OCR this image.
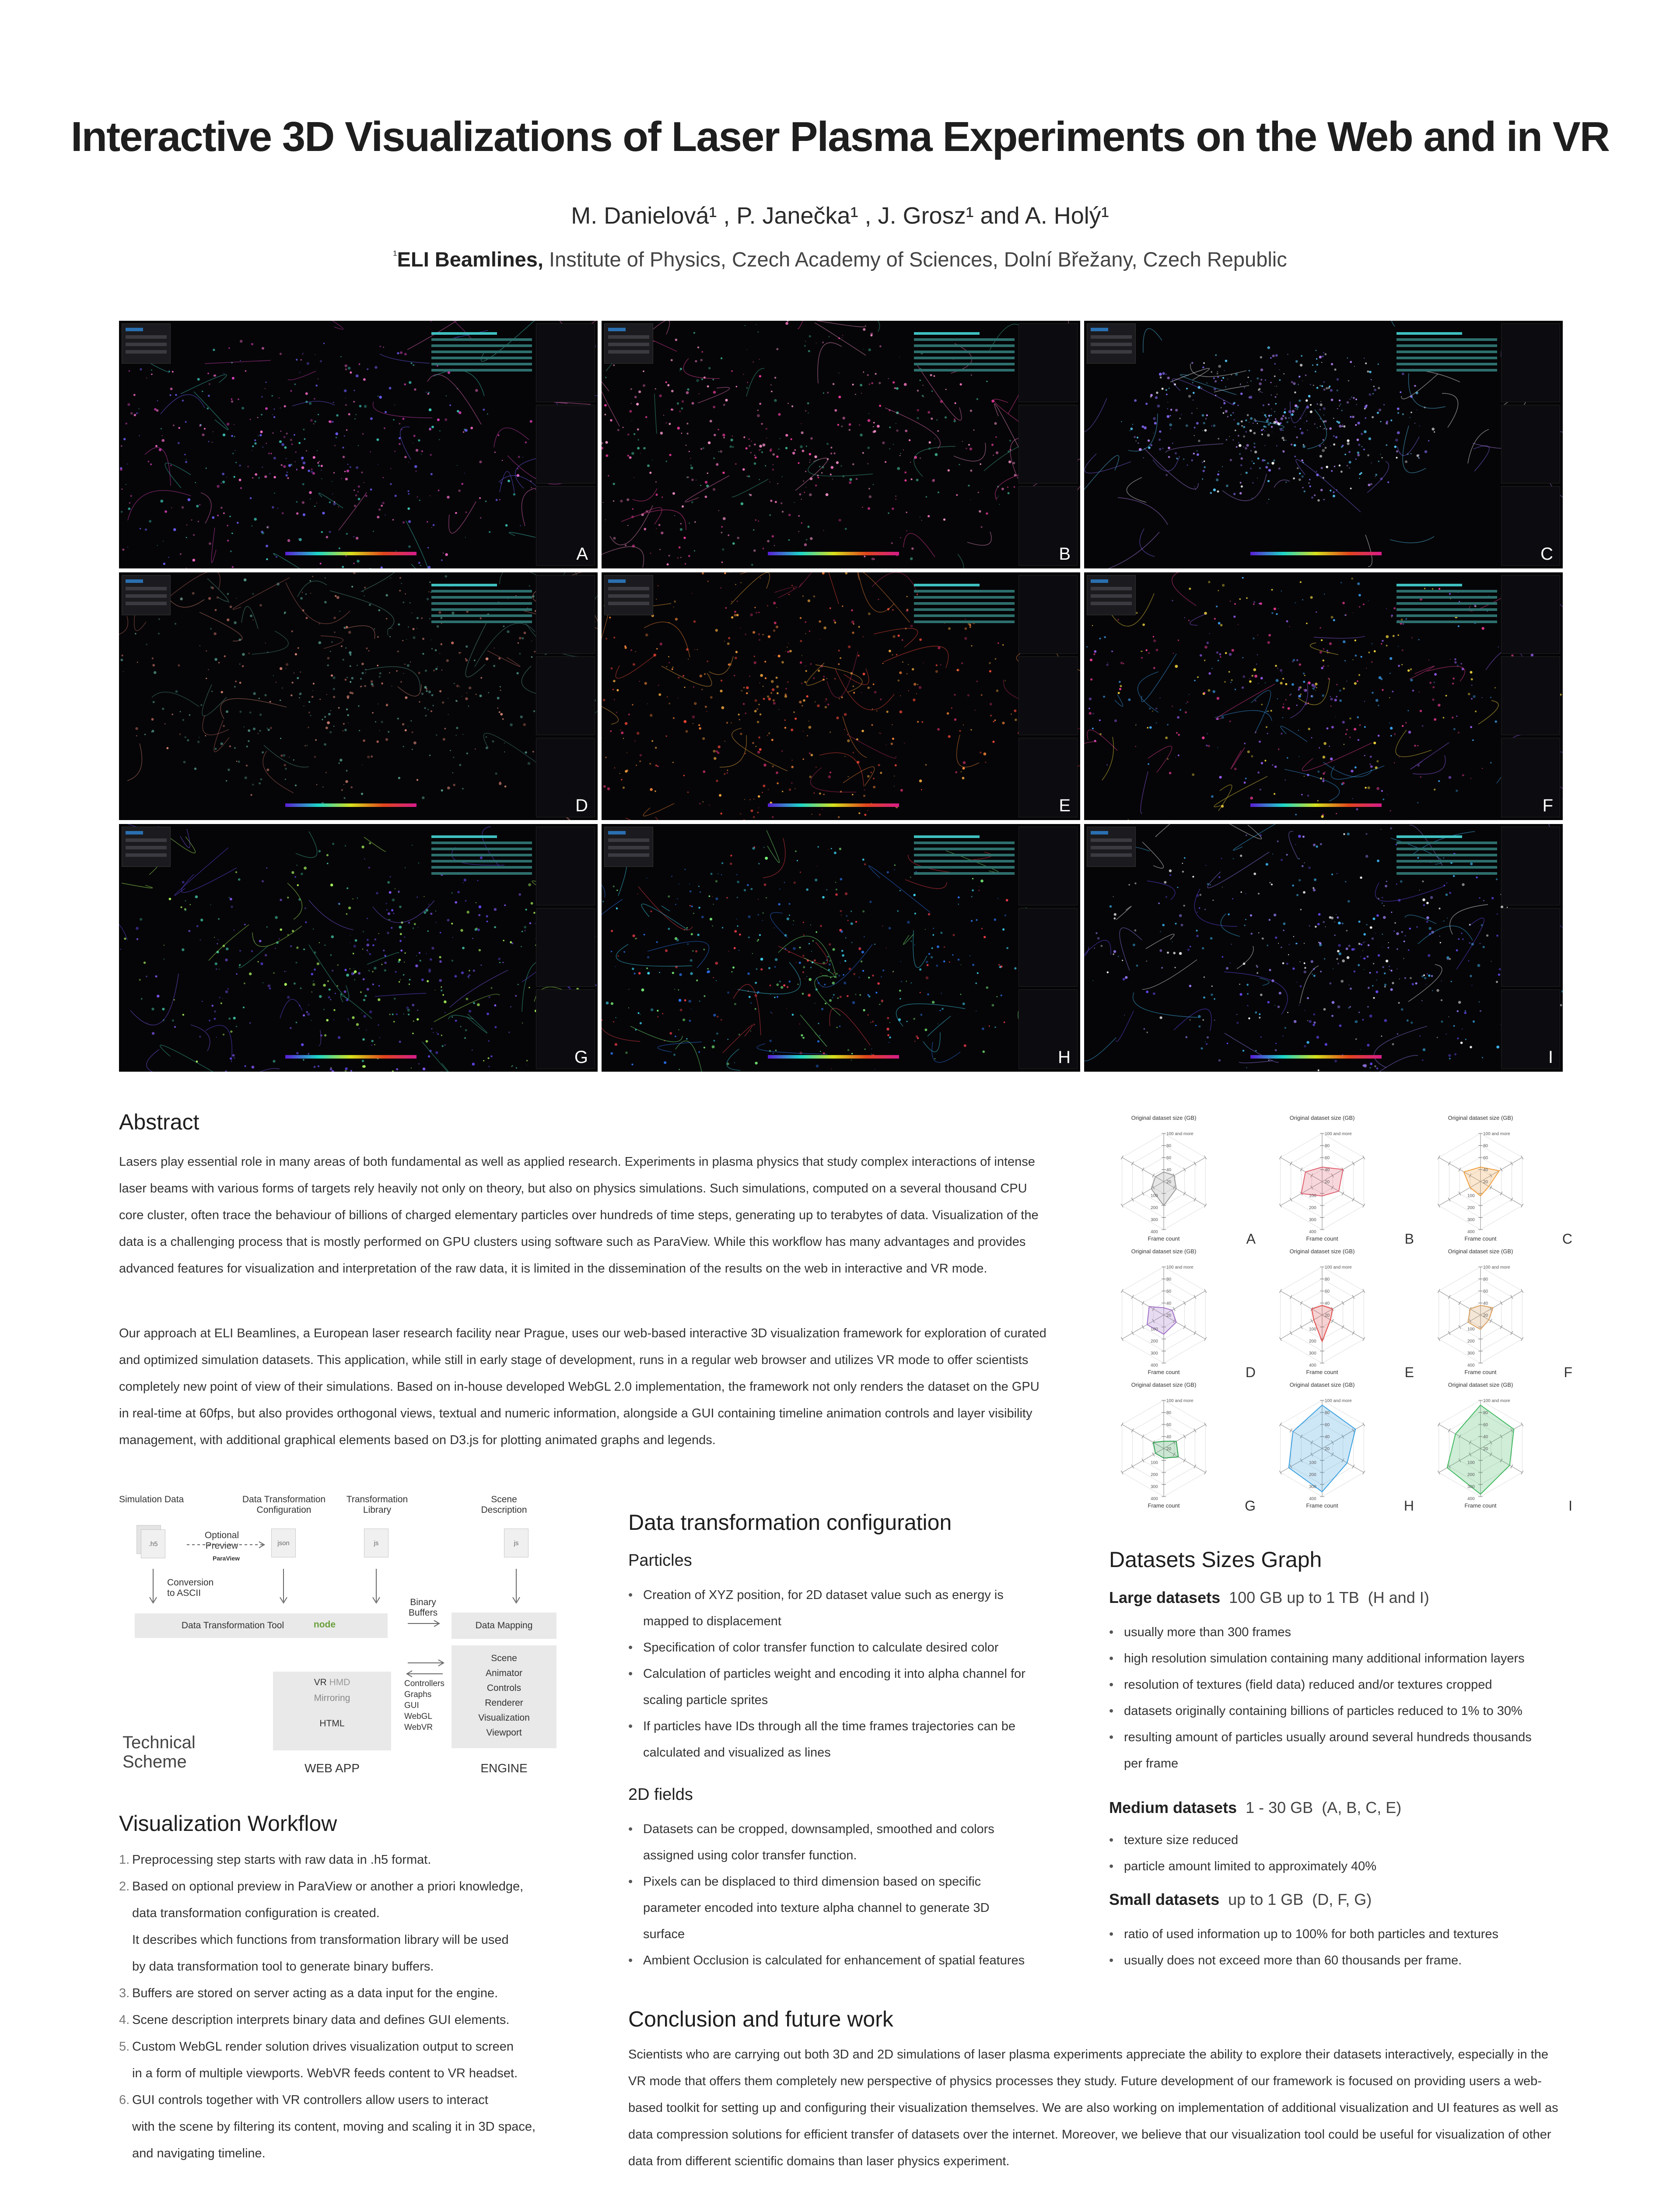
Interactive 3D Visualizations of Laser Plasma Experiments on the Web and in VR
M. Danielová¹ , P. Janečka¹ , J. Grosz¹ and A. Holý¹
$^{^1}$ELI Beamlines, Institute of Physics, Czech Academy of Sciences, Dolní Břežany, Czech Republic
A	B	C
D	E	F
G	H	I
Abstract
Lasers play essential role in many areas of both fundamental as well as applied research. Experiments in plasma physics that study complex interactions of intense laser beams with various forms of targets rely heavily not only on theory, but also on physics simulations. Such simulations, computed on a several thousand CPU core cluster, often trace the behaviour of billions of charged elementary particles over hundreds of time steps, generating up to terabytes of data. Visualization of the data is a challenging process that is mostly performed on GPU clusters using software such as ParaView. While this workflow has many advantages and provides advanced features for visualization and interpretation of the raw data, it is limited in the dissemination of the results on the web in interactive and VR mode.
Our approach at ELI Beamlines, a European laser research facility near Prague, uses our web-based interactive 3D visualization framework for exploration of curated and optimized simulation datasets. This application, while still in early stage of development, runs in a regular web browser and utilizes VR mode to offer scientists completely new point of view of their simulations. Based on in-house developed WebGL 2.0 implementation, the framework not only renders the dataset on the GPU in real-time at 60fps, but also provides orthogonal views, textual and numeric information, alongside a GUI containing timeline animation controls and layer visibility management, with additional graphical elements based on D3.js for plotting animated graphs and legends.
Original dataset size (GB)
Frame count
100 and more
80
60
40
20
100
200
300
400	A
Original dataset size (GB)
Frame count
100 and more
80
60
40
20
100
200
300
400	B
Original dataset size (GB)
Frame count
100 and more
80
60
40
20
100
200
300
400	C
Original dataset size (GB)
Frame count
100 and more
80
60
40
20
100
200
300
400	D
Original dataset size (GB)
Frame count
100 and more
80
60
40
20
100
200
300
400	E
Original dataset size (GB)
Frame count
100 and more
80
60
40
20
100
200
300
400	F
Original dataset size (GB)
Frame count
100 and more
80
60
40
20
100
200
300
400	G
Original dataset size (GB)
Frame count
100 and more
80
60
40
20
100
200
300
400	H
Original dataset size (GB)
Frame count
100 and more
80
60
40
20
100
200
300
400	I
Simulation Data	Data Transformation Configuration
Transformation Library
Scene Description
.h5	json	js	js
Optional Preview
ParaView
Conversion to ASCII
Data Transformation Tool	node
Binary Buffers
Data Mapping
Scene
Animator
Controls
Renderer
Visualization
Viewport
VR HMD
Mirroring
HTML
Controllers
Graphs
GUI
WebGL
WebVR
Technical Scheme	WEB APP	ENGINE
Visualization Workflow
1. Preprocessing step starts with raw data in .h5 format.
2. Based on optional preview in ParaView or another a priori knowledge,
data transformation configuration is created.
It describes which functions from transformation library will be used
by data transformation tool to generate binary buffers.
3. Buffers are stored on server acting as a data input for the engine.
4. Scene description interprets binary data and defines GUI elements.
5. Custom WebGL render solution drives visualization output to screen
in a form of multiple viewports. WebVR feeds content to VR headset.
6. GUI controls together with VR controllers allow users to interact
with the scene by filtering its content, moving and scaling it in 3D space,
and navigating timeline.
Data transformation configuration
Particles
• Creation of XYZ position, for 2D dataset value such as energy is
mapped to displacement
• Specification of color transfer function to calculate desired color
• Calculation of particles weight and encoding it into alpha channel for
scaling particle sprites
• If particles have IDs through all the time frames trajectories can be
calculated and visualized as lines
2D fields
• Datasets can be cropped, downsampled, smoothed and colors
assigned using color transfer function.
• Pixels can be displaced to third dimension based on specific
parameter encoded into texture alpha channel to generate 3D
surface
• Ambient Occlusion is calculated for enhancement of spatial features
Datasets Sizes Graph
Large datasets 100 GB up to 1 TB (H and I)
• usually more than 300 frames
• high resolution simulation containing many additional information layers
• resolution of textures (field data) reduced and/or textures cropped
• datasets originally containing billions of particles reduced to 1% to 30%
• resulting amount of particles usually around several hundreds thousands
per frame
Medium datasets 1 - 30 GB (A, B, C, E)
• texture size reduced
• particle amount limited to approximately 40%
Small datasets up to 1 GB (D, F, G)
• ratio of used information up to 100% for both particles and textures
• usually does not exceed more than 60 thousands per frame.
Conclusion and future work
Scientists who are carrying out both 3D and 2D simulations of laser plasma experiments appreciate the ability to explore their datasets interactively, especially in the VR mode that offers them completely new perspective of physics processes they study. Future development of our framework is focused on providing users a web-based toolkit for setting up and configuring their visualization themselves. We are also working on implementation of additional visualization and UI features as well as data compression solutions for efficient transfer of datasets over the internet. Moreover, we believe that our visualization tool could be useful for visualization of other data from different scientific domains than laser physics experiment.
